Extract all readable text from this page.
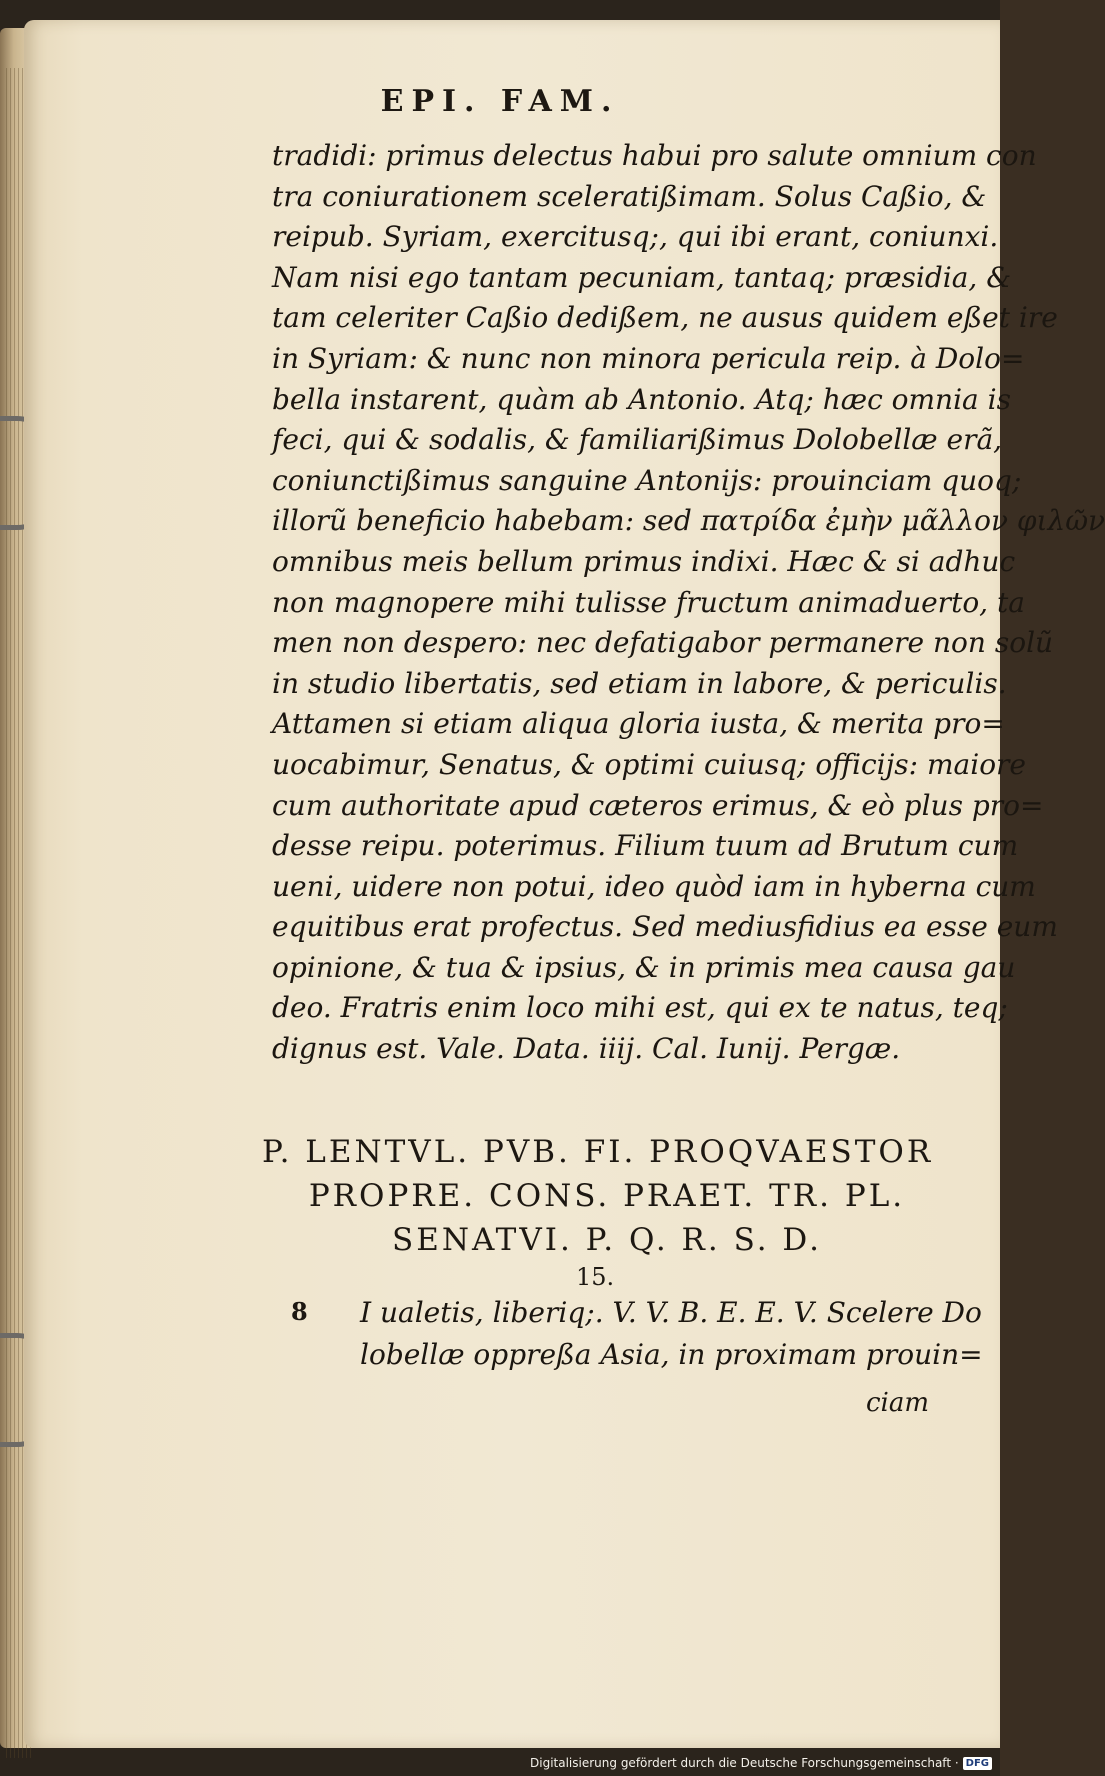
EPI. FAM.
tradidi: primus delectus habui pro salute omnium con
tra coniurationem sceleratißimam. Solus Caßio, &
reipub. Syriam, exercitusq;, qui ibi erant, coniunxi.
Nam nisi ego tantam pecuniam, tantaq; præsidia, &
tam celeriter Caßio dedißem, ne ausus quidem eßet ire
in Syriam: & nunc non minora pericula reip. à Dolo=
bella instarent, quàm ab Antonio. Atq; hæc omnia is
feci, qui & sodalis, & familiarißimus Dolobellæ erã,
coniunctißimus sanguine Antonijs: prouinciam quoq;
illorũ beneficio habebam: sed πατρίδα ἐμὴν μᾶλλον φιλῶν
omnibus meis bellum primus indixi. Hæc & si adhuc
non magnopere mihi tulisse fructum animaduerto, ta
men non despero: nec defatigabor permanere non solũ
in studio libertatis, sed etiam in labore, & periculis.
Attamen si etiam aliqua gloria iusta, & merita pro=
uocabimur, Senatus, & optimi cuiusq; officijs: maiore
cum authoritate apud cæteros erimus, & eò plus pro=
desse reipu. poterimus. Filium tuum ad Brutum cum
ueni, uidere non potui, ideo quòd iam in hyberna cum
equitibus erat profectus. Sed mediusfidius ea esse eum
opinione, & tua & ipsius, & in primis mea causa gau
deo. Fratris enim loco mihi est, qui ex te natus, teq;
dignus est. Vale. Data. iiij. Cal. Iunij. Pergæ.
P. LENTVL. PVB. FI. PROQVAESTOR
PROPRE. CONS. PRAET. TR. PL.
SENATVI. P. Q. R. S. D.
15.
8 I ualetis, liberiq;. V. V. B. E. E. V. Scelere Do
lobellæ oppreßa Asia, in proximam prouin=
ciam
Digitalisierung gefördert durch die Deutsche Forschungsgemeinschaft · DFG
